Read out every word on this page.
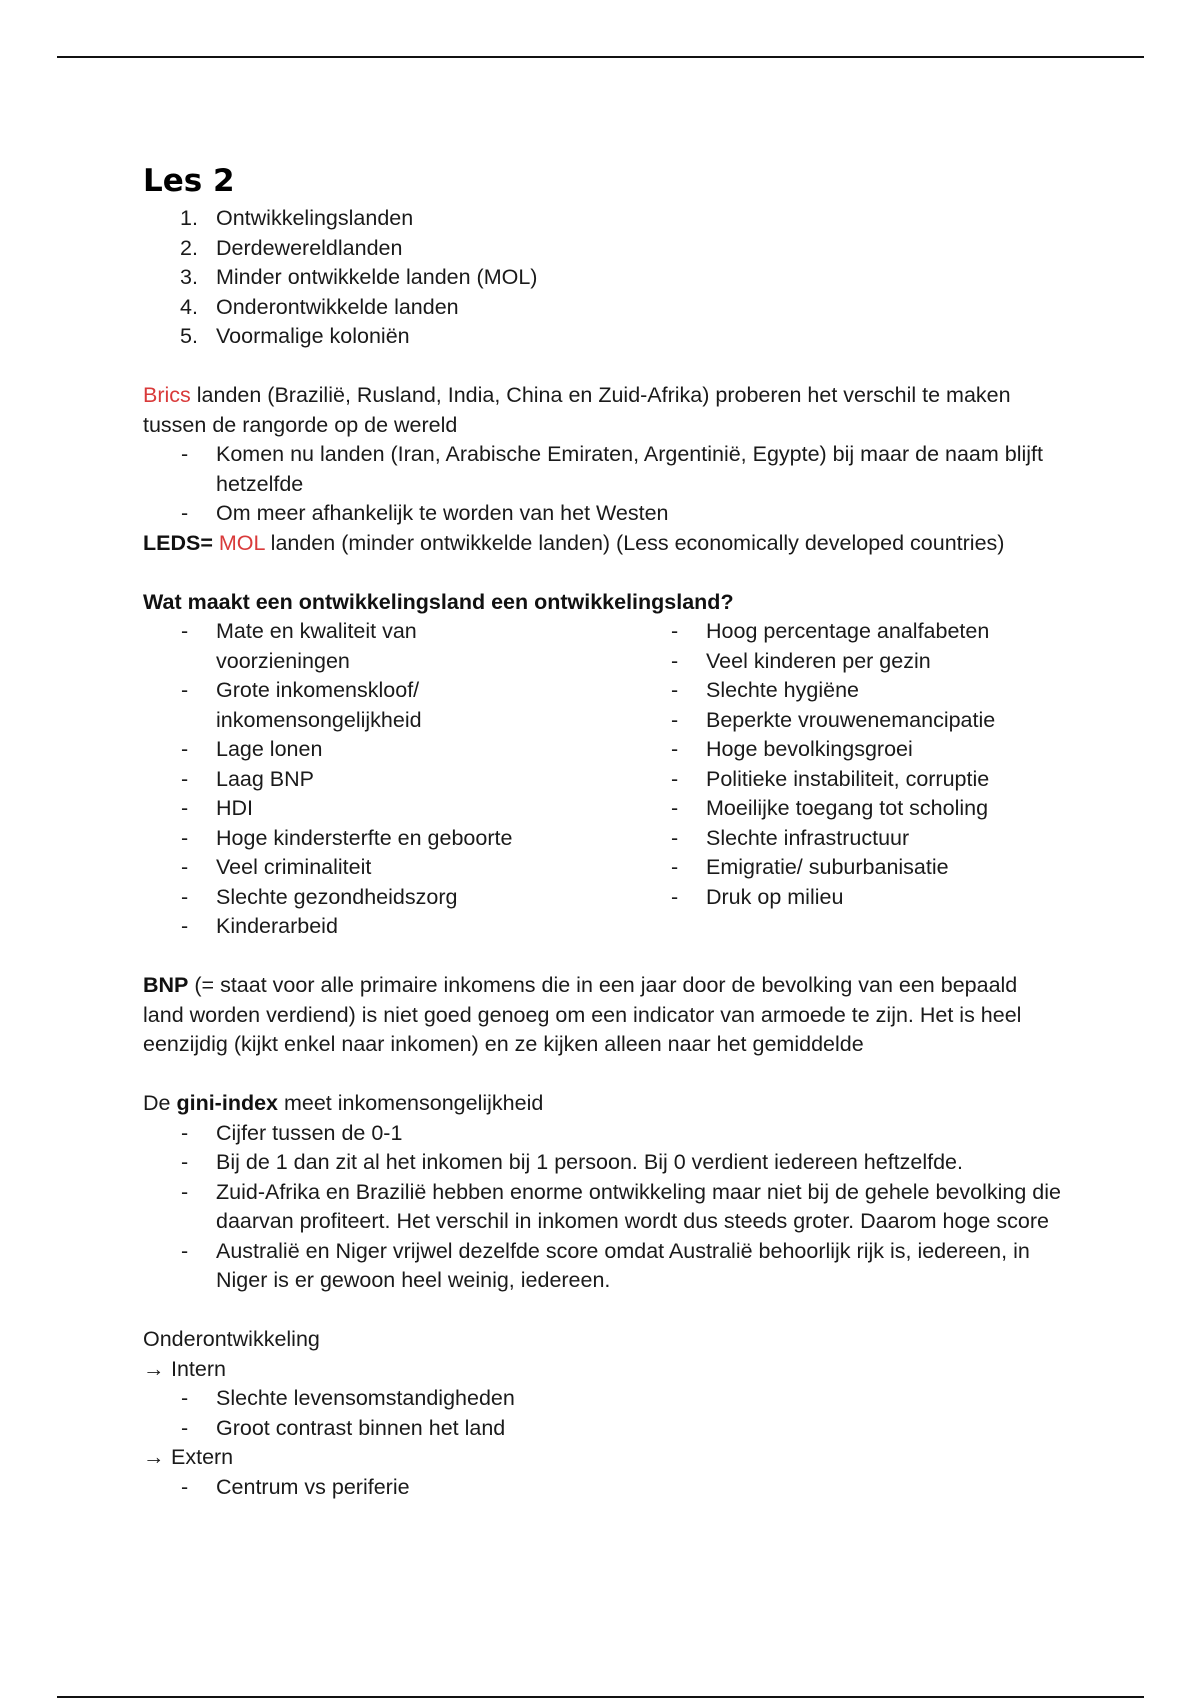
Les 2
1. Ontwikkelingslanden
2. Derdewereldlanden
3. Minder ontwikkelde landen (MOL)
4. Onderontwikkelde landen
5. Voormalige koloniën

Brics landen (Brazilië, Rusland, India, China en Zuid-Afrika) proberen het verschil te maken tussen de rangorde op de wereld

- Komen nu landen (Iran, Arabische Emiraten, Argentinië, Egypte) bij maar de naam blijft hetzelfde
- Om meer afhankelijk te worden van het Westen

LEDS= MOL landen (minder ontwikkelde landen) (Less economically developed countries)

Wat maakt een ontwikkelingsland een ontwikkelingsland?

- Mate en kwaliteit van voorzieningen
- Grote inkomenskloof/ inkomensongelijkheid
- Lage lonen
- Laag BNP
- HDI
- Hoge kindersterfte en geboorte
- Veel criminaliteit
- Slechte gezondheidszorg
- Kinderarbeid
- Hoog percentage analfabeten
- Veel kinderen per gezin
- Slechte hygiëne
- Beperkte vrouwenemancipatie
- Hoge bevolkingsgroei
- Politieke instabiliteit, corruptie
- Moeilijke toegang tot scholing
- Slechte infrastructuur
- Emigratie/ suburbanisatie
- Druk op milieu

BNP (= staat voor alle primaire inkomens die in een jaar door de bevolking van een bepaald land worden verdiend) is niet goed genoeg om een indicator van armoede te zijn. Het is heel eenzijdig (kijkt enkel naar inkomen) en ze kijken alleen naar het gemiddelde

De gini-index meet inkomensongelijkheid

- Cijfer tussen de 0-1
- Bij de 1 dan zit al het inkomen bij 1 persoon. Bij 0 verdient iedereen heftzelfde.
- Zuid-Afrika en Brazilië hebben enorme ontwikkeling maar niet bij de gehele bevolking die daarvan profiteert. Het verschil in inkomen wordt dus steeds groter. Daarom hoge score
- Australië en Niger vrijwel dezelfde score omdat Australië behoorlijk rijk is, iedereen, in Niger is er gewoon heel weinig, iedereen.

Onderontwikkeling

→ Intern

- Slechte levensomstandigheden
- Groot contrast binnen het land

→ Extern

- Centrum vs periferie
